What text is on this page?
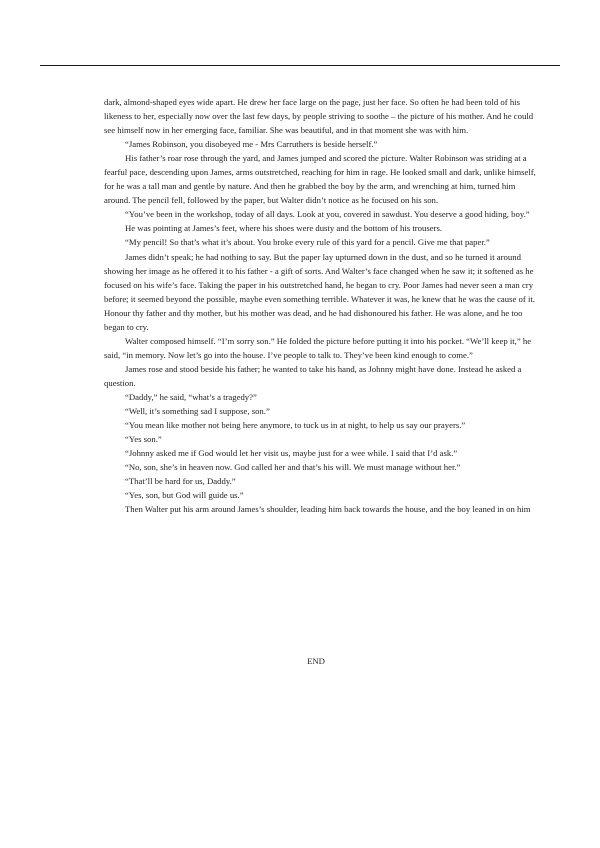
dark, almond-shaped eyes wide apart. He drew her face large on the page, just her face. So often he had been told of his likeness to her, especially now over the last few days, by people striving to soothe – the picture of his mother. And he could see himself now in her emerging face, familiar. She was beautiful, and in that moment she was with him.

“James Robinson, you disobeyed me - Mrs Carruthers is beside herself.”

His father’s roar rose through the yard, and James jumped and scored the picture. Walter Robinson was striding at a fearful pace, descending upon James, arms outstretched, reaching for him in rage. He looked small and dark, unlike himself, for he was a tall man and gentle by nature. And then he grabbed the boy by the arm, and wrenching at him, turned him around. The pencil fell, followed by the paper, but Walter didn’t notice as he focused on his son.

“You’ve been in the workshop, today of all days. Look at you, covered in sawdust. You deserve a good hiding, boy.”

He was pointing at James’s feet, where his shoes were dusty and the bottom of his trousers.

“My pencil! So that’s what it’s about. You broke every rule of this yard for a pencil. Give me that paper.”

James didn’t speak; he had nothing to say. But the paper lay upturned down in the dust, and so he turned it around showing her image as he offered it to his father - a gift of sorts. And Walter’s face changed when he saw it; it softened as he focused on his wife’s face. Taking the paper in his outstretched hand, he began to cry. Poor James had never seen a man cry before; it seemed beyond the possible, maybe even something terrible. Whatever it was, he knew that he was the cause of it. Honour thy father and thy mother, but his mother was dead, and he had dishonoured his father. He was alone, and he too began to cry.

Walter composed himself. “I’m sorry son.” He folded the picture before putting it into his pocket. “We’ll keep it,” he said, “in memory. Now let’s go into the house. I’ve people to talk to. They’ve been kind enough to come.”

James rose and stood beside his father; he wanted to take his hand, as Johnny might have done. Instead he asked a question.

“Daddy,” he said, “what’s a tragedy?”

“Well, it’s something sad I suppose, son.”

“You mean like mother not being here anymore, to tuck us in at night, to help us say our prayers.”

“Yes son.”

“Johnny asked me if God would let her visit us, maybe just for a wee while. I said that I’d ask.”

“No, son, she’s in heaven now. God called her and that’s his will. We must manage without her.”

“That’ll be hard for us, Daddy.”

“Yes, son, but God will guide us.”

Then Walter put his arm around James’s shoulder, leading him back towards the house, and the boy leaned in on him

END
